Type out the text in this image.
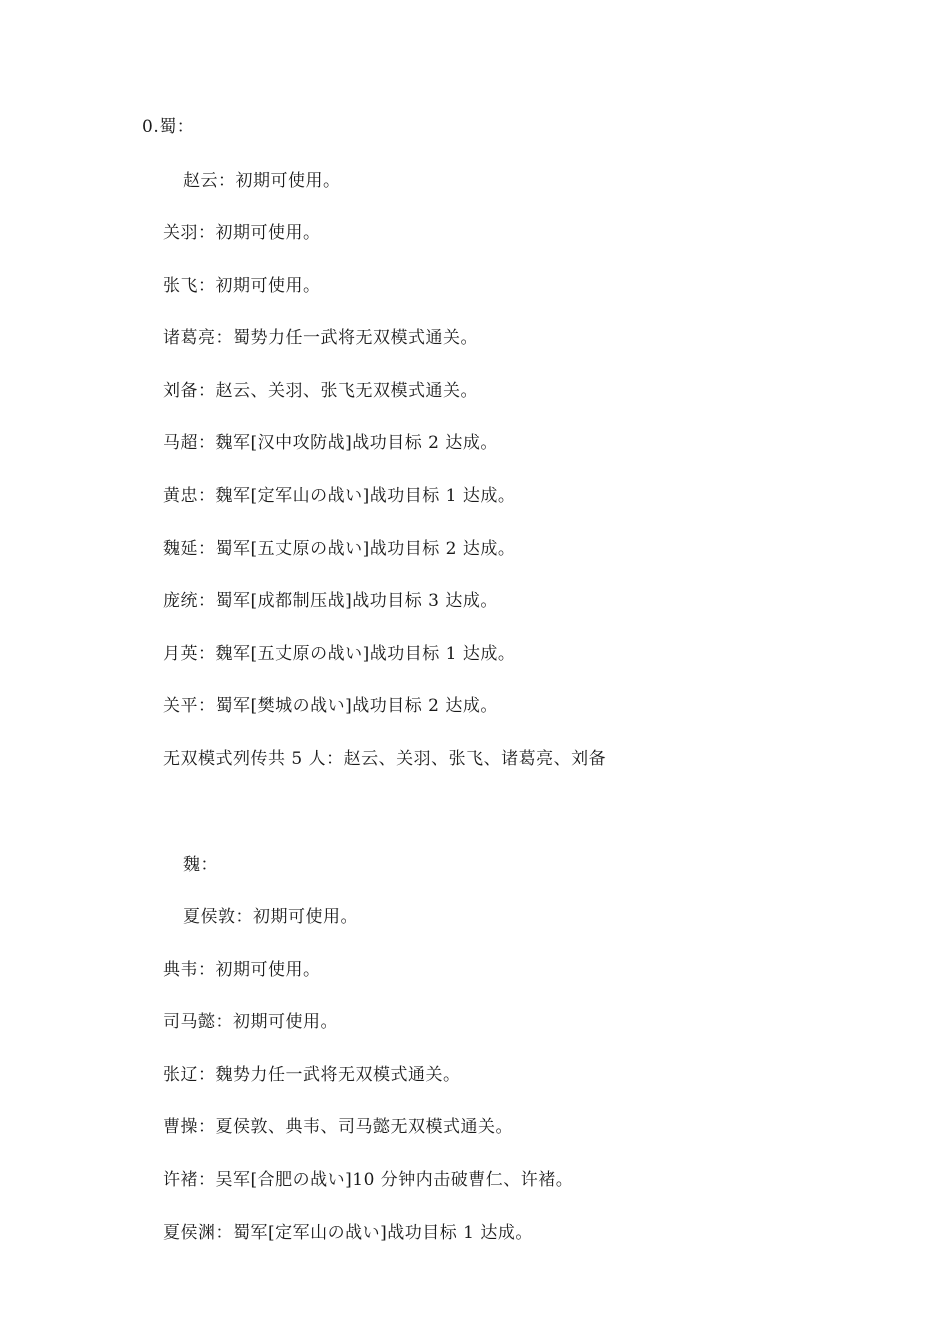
0.蜀：
赵云：初期可使用。
关羽：初期可使用。
张飞：初期可使用。
诸葛亮：蜀势力任一武将无双模式通关。
刘备：赵云、关羽、张飞无双模式通关。
马超：魏军[汉中攻防战]战功目标 2 达成。
黄忠：魏军[定军山の战い]战功目标 1 达成。
魏延：蜀军[五丈原の战い]战功目标 2 达成。
庞统：蜀军[成都制压战]战功目标 3 达成。
月英：魏军[五丈原の战い]战功目标 1 达成。
关平：蜀军[樊城の战い]战功目标 2 达成。
无双模式列传共 5 人：赵云、关羽、张飞、诸葛亮、刘备
魏：
夏侯敦：初期可使用。
典韦：初期可使用。
司马懿：初期可使用。
张辽：魏势力任一武将无双模式通关。
曹操：夏侯敦、典韦、司马懿无双模式通关。
许褚：吴军[合肥の战い]10 分钟内击破曹仁、许褚。
夏侯渊：蜀军[定军山の战い]战功目标 1 达成。
